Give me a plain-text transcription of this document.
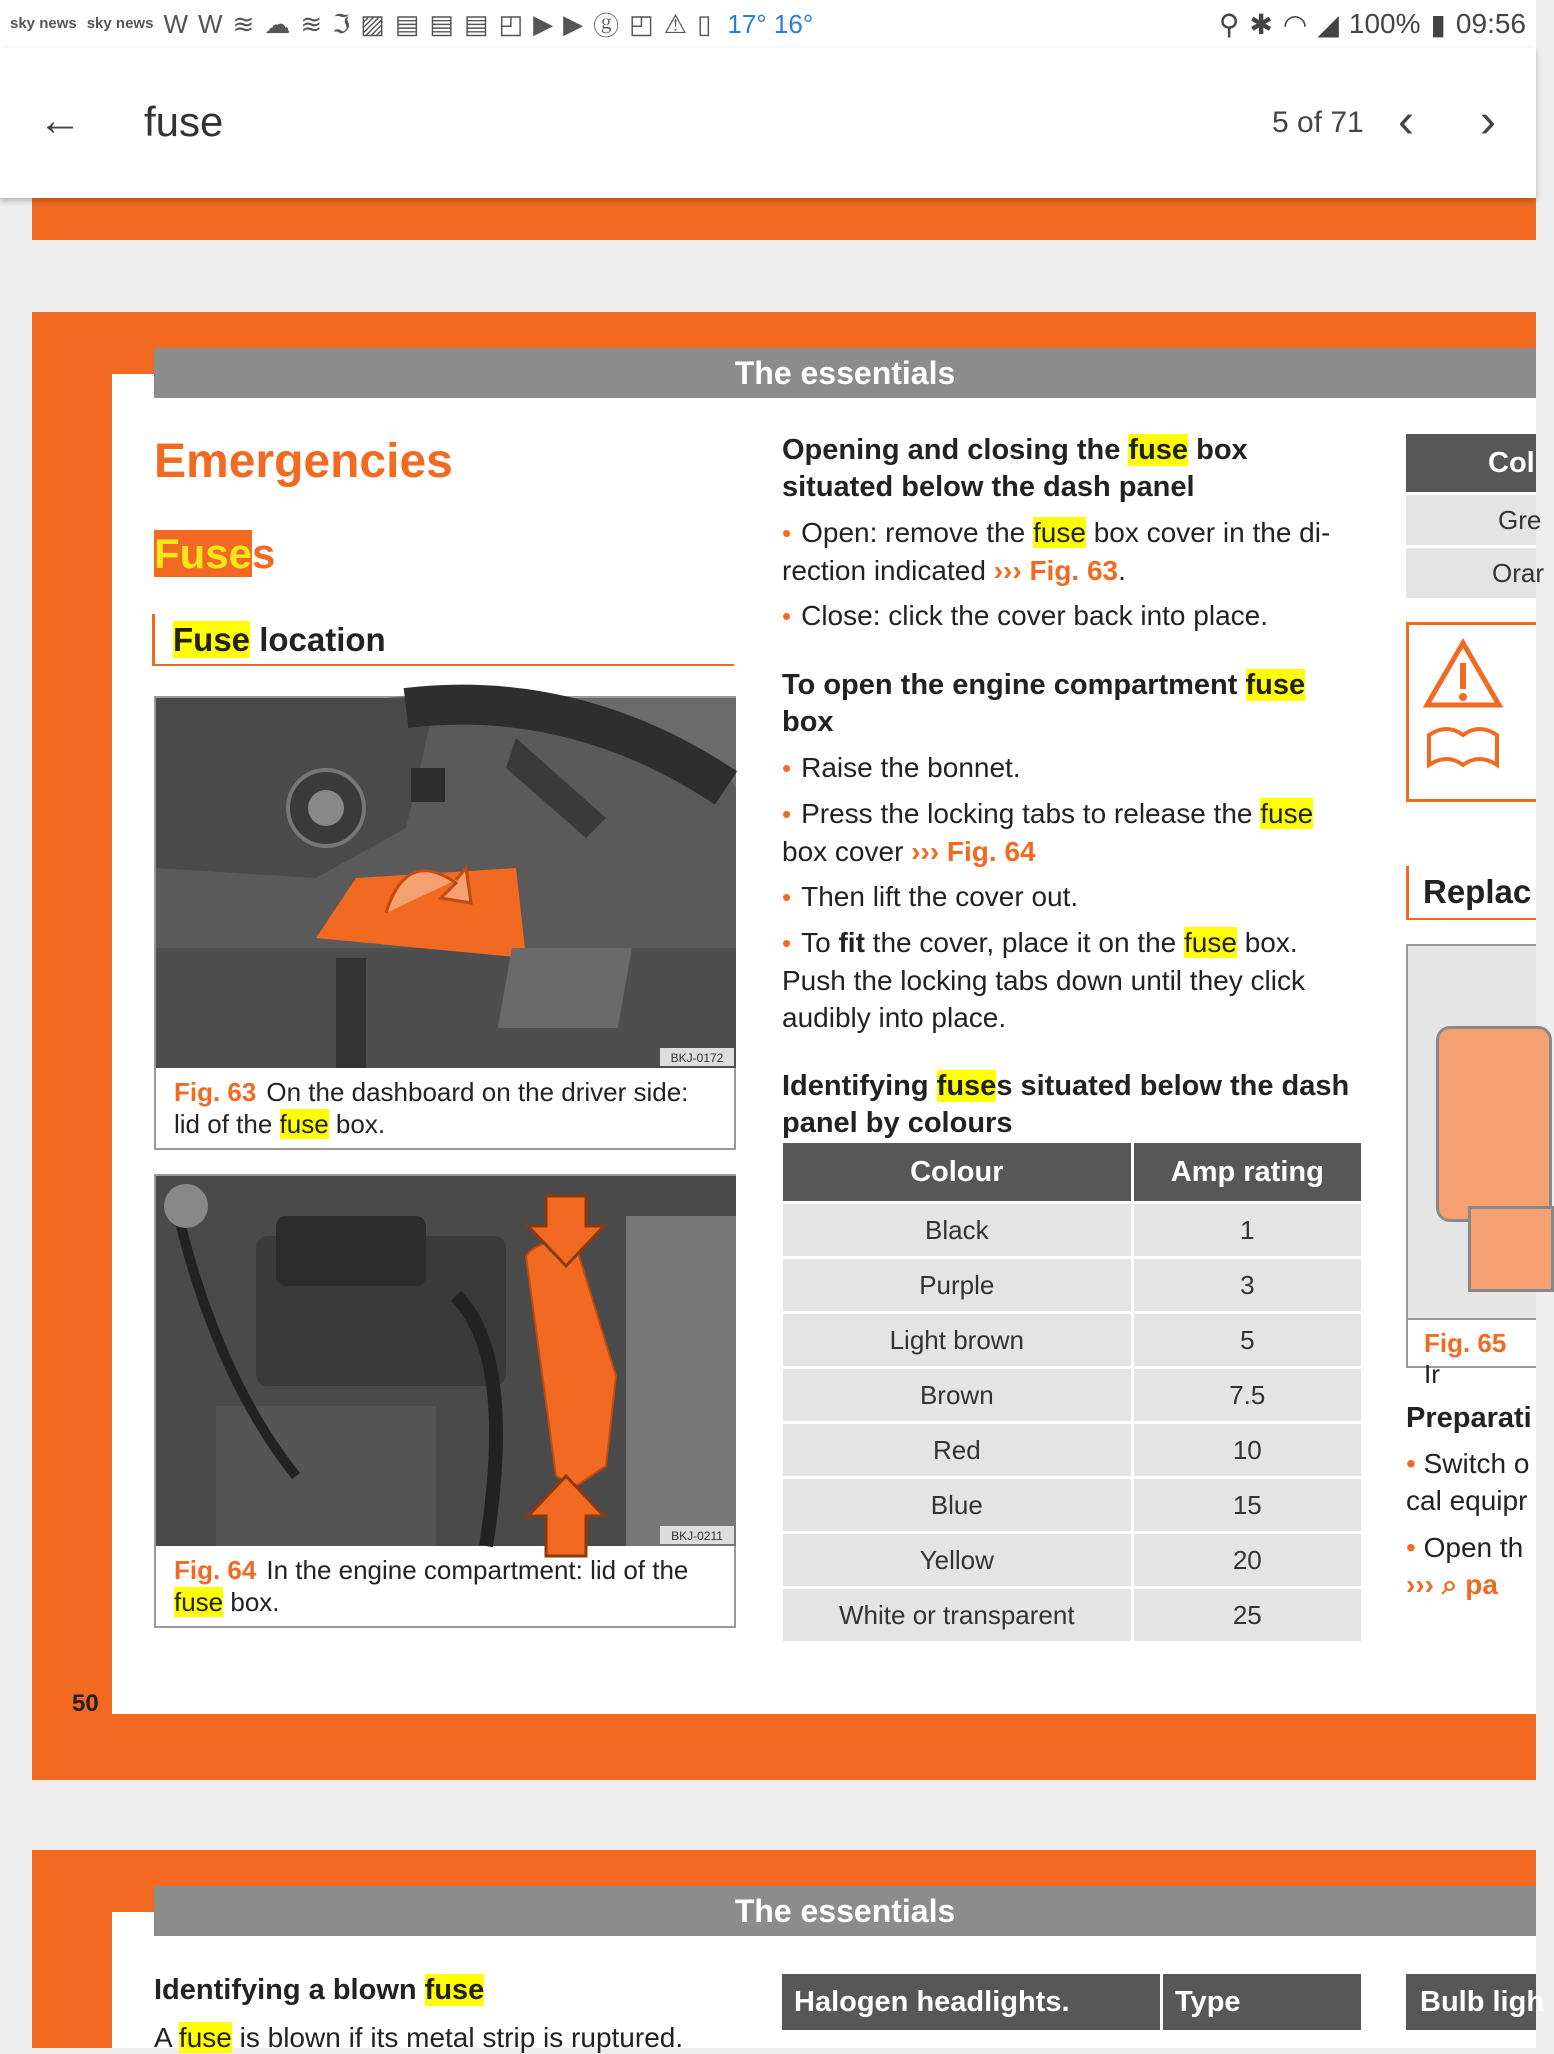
sky news sky news W W ≋ ☁ ≋ ℑ ▨ ▤ ▤ ▤ ◰ ▶ ▶ ⓖ ◰ ⚠ ▯ 17° 16°	⚲ ✱ ◠ ◢ 100% ▮ 09:56
← fuse	5 of 71 ‹ ›
The essentials
Emergencies
Fuses
Fuse location
BKJ-0172
Fig. 63 On the dashboard on the driver side:
lid of the fuse box.
BKJ-0211
Fig. 64 In the engine compartment: lid of the
fuse box.
Opening and closing the fuse box situated below the dash panel
• Open: remove the fuse box cover in the di-rection indicated ››› Fig. 63.
• Close: click the cover back into place.
To open the engine compartment fuse box
• Raise the bonnet.
• Press the locking tabs to release the fuse box cover ››› Fig. 64
• Then lift the cover out.
• To fit the cover, place it on the fuse box. Push the locking tabs down until they click audibly into place.
Identifying fuses situated below the dash panel by colours
Colour	Amp rating
Black	1
Purple	3
Light brown	5
Brown	7.5
Red	10
Blue	15
Yellow	20
White or transparent	25
Col
Gre
Orar
Replac
Fig. 65 Ir
Preparati
• Switch o
cal equipr
• Open th
››› ⌕ pa
50
The essentials
Identifying a blown fuse
A fuse is blown if its metal strip is ruptured.
Halogen headlights.	Type	Bulb ligh
